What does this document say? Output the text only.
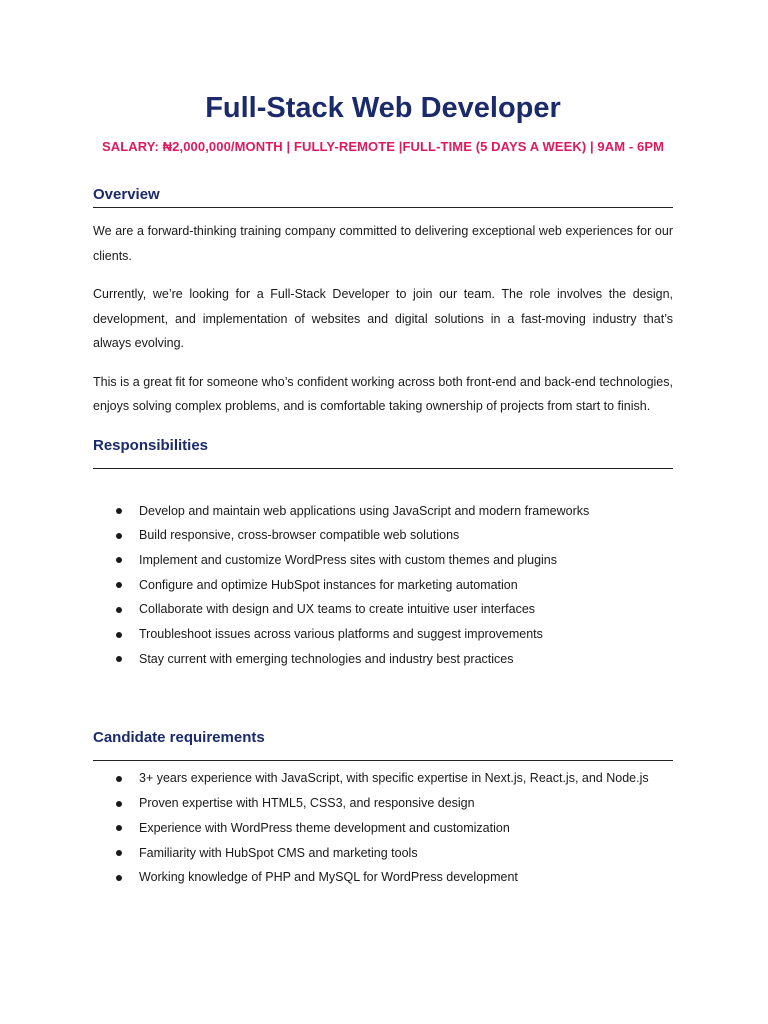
Full-Stack Web Developer

SALARY: ₦2,000,000/MONTH | FULLY-REMOTE |FULL-TIME (5 DAYS A WEEK) | 9AM - 6PM

Overview

We are a forward-thinking training company committed to delivering exceptional web experiences for our clients.

Currently, we’re looking for a Full-Stack Developer to join our team. The role involves the design, development, and implementation of websites and digital solutions in a fast-moving industry that’s always evolving.

This is a great fit for someone who’s confident working across both front-end and back-end technologies, enjoys solving complex problems, and is comfortable taking ownership of projects from start to finish.

Responsibilities
Develop and maintain web applications using JavaScript and modern frameworks
Build responsive, cross-browser compatible web solutions
Implement and customize WordPress sites with custom themes and plugins
Configure and optimize HubSpot instances for marketing automation
Collaborate with design and UX teams to create intuitive user interfaces
Troubleshoot issues across various platforms and suggest improvements
Stay current with emerging technologies and industry best practices
Candidate requirements
3+ years experience with JavaScript, with specific expertise in Next.js, React.js, and Node.js
Proven expertise with HTML5, CSS3, and responsive design
Experience with WordPress theme development and customization
Familiarity with HubSpot CMS and marketing tools
Working knowledge of PHP and MySQL for WordPress development
